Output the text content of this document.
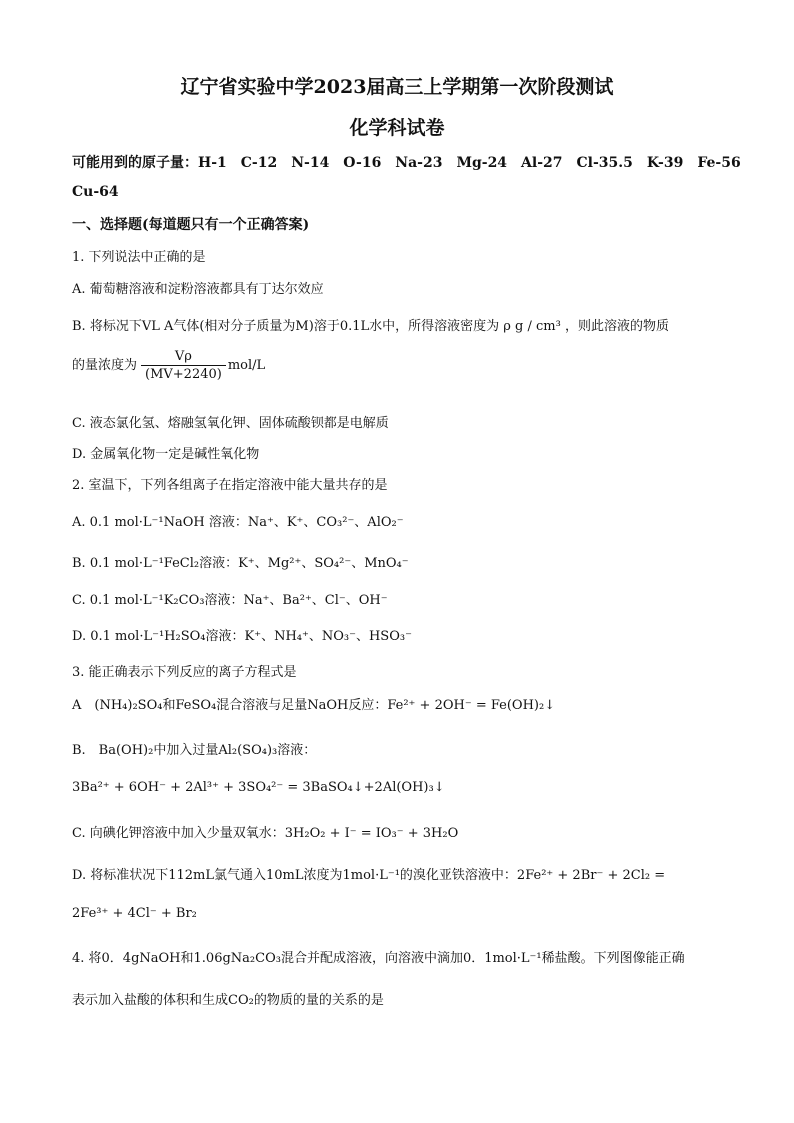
辽宁省实验中学2023届高三上学期第一次阶段测试
化学科试卷
可能用到的原子量：H-1　C-12　N-14　O-16　Na-23　Mg-24　Al-27　Cl-35.5　K-39　Fe-56
Cu-64
一、选择题(每道题只有一个正确答案)
1. 下列说法中正确的是
A. 葡萄糖溶液和淀粉溶液都具有丁达尔效应
B. 将标况下VL A气体(相对分子质量为M)溶于0.1L水中，所得溶液密度为 ρ g / cm³ ，则此溶液的物质
的量浓度为 $\frac{V\rho}{(MV+2240)} mol/L$
C. 液态氯化氢、熔融氢氧化钾、固体硫酸钡都是电解质
D. 金属氧化物一定是碱性氧化物
2. 室温下，下列各组离子在指定溶液中能大量共存的是
A. 0.1 mol·L⁻¹NaOH 溶液：Na⁺、K⁺、CO₃²⁻、AlO₂⁻
B. 0.1 mol·L⁻¹FeCl₂溶液：K⁺、Mg²⁺、SO₄²⁻、MnO₄⁻
C. 0.1 mol·L⁻¹K₂CO₃溶液：Na⁺、Ba²⁺、Cl⁻、OH⁻
D. 0.1 mol·L⁻¹H₂SO₄溶液：K⁺、NH₄⁺、NO₃⁻、HSO₃⁻
3. 能正确表示下列反应的离子方程式是
A　(NH₄)₂SO₄和FeSO₄混合溶液与足量NaOH反应：Fe²⁺ + 2OH⁻ = Fe(OH)₂↓
B.　Ba(OH)₂中加入过量Al₂(SO₄)₃溶液：
3Ba²⁺ + 6OH⁻ + 2Al³⁺ + 3SO₄²⁻ = 3BaSO₄↓+2Al(OH)₃↓
C. 向碘化钾溶液中加入少量双氧水：3H₂O₂ + I⁻ = IO₃⁻ + 3H₂O
D. 将标准状况下112mL氯气通入10mL浓度为1mol·L⁻¹的溴化亚铁溶液中：2Fe²⁺ + 2Br⁻ + 2Cl₂ =
2Fe³⁺ + 4Cl⁻ + Br₂
4. 将0．4gNaOH和1.06gNa₂CO₃混合并配成溶液，向溶液中滴加0．1mol·L⁻¹稀盐酸。下列图像能正确
表示加入盐酸的体积和生成CO₂的物质的量的关系的是
